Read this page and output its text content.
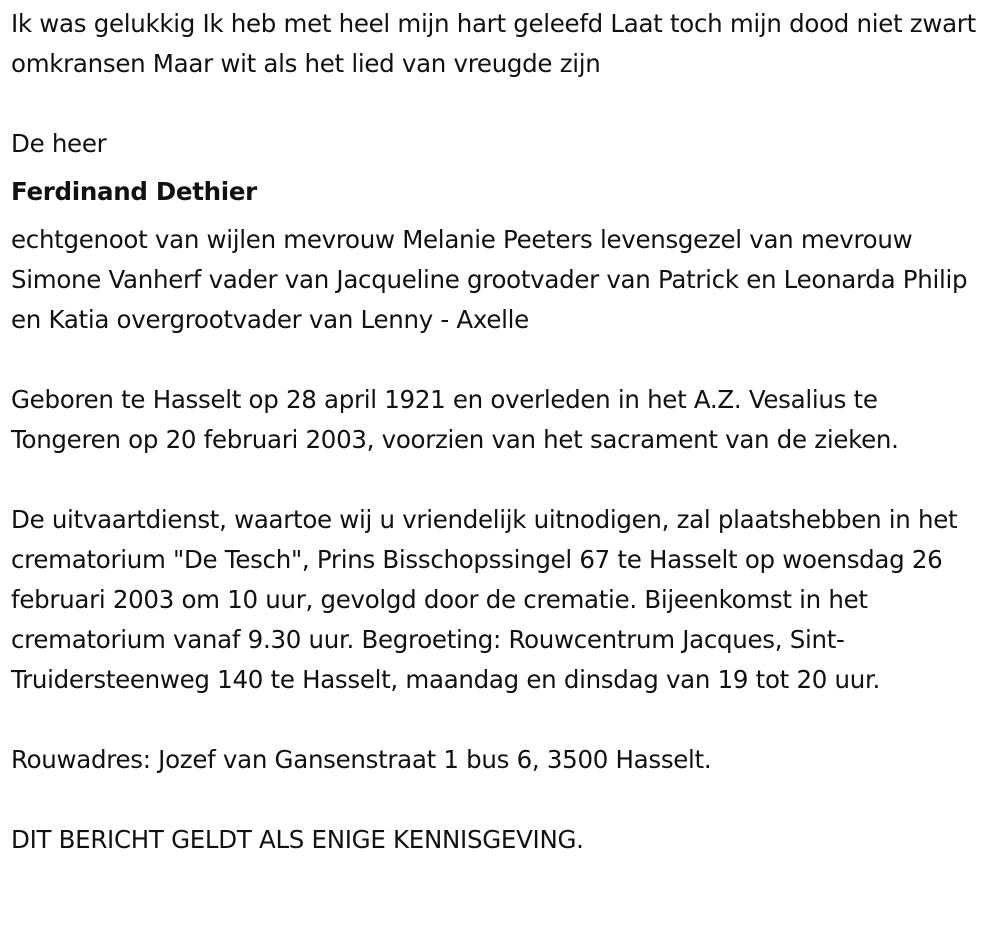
Ik was gelukkig Ik heb met heel mijn hart geleefd Laat toch mijn dood niet zwart omkransen Maar wit als het lied van vreugde zijn

De heer

Ferdinand Dethier

echtgenoot van wijlen mevrouw Melanie Peeters levensgezel van mevrouw Simone Vanherf vader van Jacqueline grootvader van Patrick en Leonarda Philip en Katia overgrootvader van Lenny - Axelle

Geboren te Hasselt op 28 april 1921 en overleden in het A.Z. Vesalius te Tongeren op 20 februari 2003, voorzien van het sacrament van de zieken.

De uitvaartdienst, waartoe wij u vriendelijk uitnodigen, zal plaatshebben in het crematorium "De Tesch", Prins Bisschopssingel 67 te Hasselt op woensdag 26 februari 2003 om 10 uur, gevolgd door de crematie. Bijeenkomst in het crematorium vanaf 9.30 uur. Begroeting: Rouwcentrum Jacques, Sint-Truidersteenweg 140 te Hasselt, maandag en dinsdag van 19 tot 20 uur.

Rouwadres: Jozef van Gansenstraat 1 bus 6, 3500 Hasselt.

DIT BERICHT GELDT ALS ENIGE KENNISGEVING.
